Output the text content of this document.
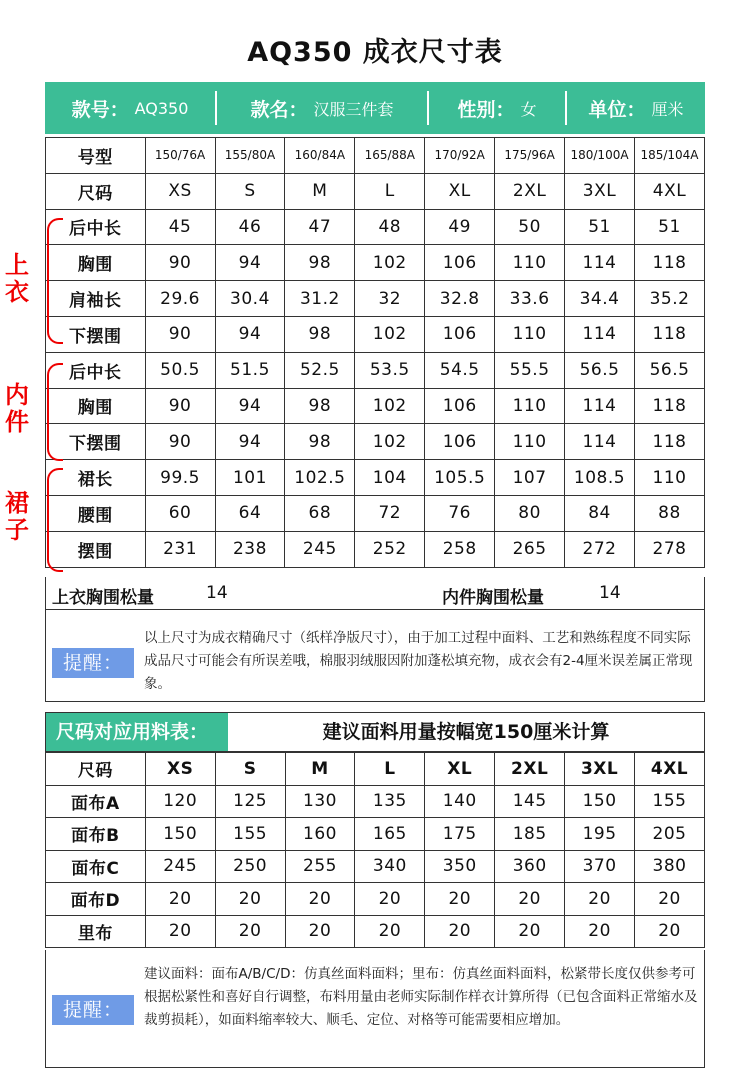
AQ350 成衣尺寸表
款号： AQ350	款名： 汉服三件套	性别： 女	单位： 厘米
号型	150/76A	155/80A	160/84A	165/88A	170/92A	175/96A	180/100A	185/104A
尺码	XS	S	M	L	XL	2XL	3XL	4XL
后中长	45	46	47	48	49	50	51	51
胸围	90	94	98	102	106	110	114	118
肩袖长	29.6	30.4	31.2	32	32.8	33.6	34.4	35.2
下摆围	90	94	98	102	106	110	114	118
后中长	50.5	51.5	52.5	53.5	54.5	55.5	56.5	56.5
胸围	90	94	98	102	106	110	114	118
下摆围	90	94	98	102	106	110	114	118
裙长	99.5	101	102.5	104	105.5	107	108.5	110
腰围	60	64	68	72	76	80	84	88
摆围	231	238	245	252	258	265	272	278
上衣
内件
裙子
上衣胸围松量	14	内件胸围松量	14
提醒：
以上尺寸为成衣精确尺寸（纸样净版尺寸），由于加工过程中面料、工艺和熟练程度不同实际成品尺寸可能会有所误差哦，棉服羽绒服因附加蓬松填充物，成衣会有2-4厘米误差属正常现象。
尺码对应用料表：	建议面料用量按幅宽150厘米计算
尺码	XS	S	M	L	XL	2XL	3XL	4XL
面布A	120	125	130	135	140	145	150	155
面布B	150	155	160	165	175	185	195	205
面布C	245	250	255	340	350	360	370	380
面布D	20	20	20	20	20	20	20	20
里布	20	20	20	20	20	20	20	20
提醒：
建议面料：面布A/B/C/D：仿真丝面料面料；里布：仿真丝面料面料，松紧带长度仅供参考可根据松紧性和喜好自行调整，布料用量由老师实际制作样衣计算所得（已包含面料正常缩水及裁剪损耗），如面料缩率较大、顺毛、定位、对格等可能需要相应增加。
